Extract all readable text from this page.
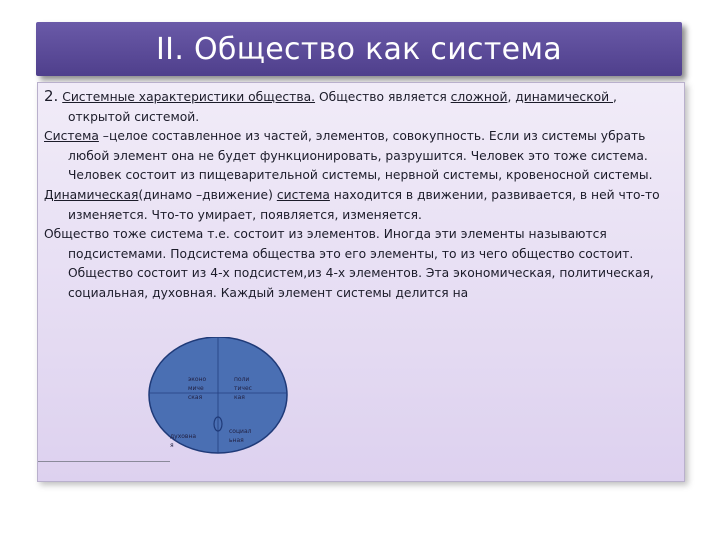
II. Общество как система

2. Системные характеристики общества. Общество является сложной, динамической , открытой системой.

Система –целое составленное из частей, элементов, совокупность. Если из системы убрать любой элемент она не будет функционировать, разрушится. Человек это тоже система. Человек состоит из пищеварительной системы, нервной системы, кровеносной системы.

Динамическая(динамо –движение) система находится в движении, развивается, в ней что-то изменяется. Что-то умирает, появляется, изменяется.

Общество тоже система т.е. состоит из элементов. Иногда эти элементы называются подсистемами. Подсистема общества это его элементы, то из чего общество состоит. Общество состоит из 4-х подсистем,из 4-х элементов. Эта экономическая, политическая, социальная, духовная. Каждый элемент системы делится на

эконо миче ская
поли тичес кая
духовна я
социал ьная
